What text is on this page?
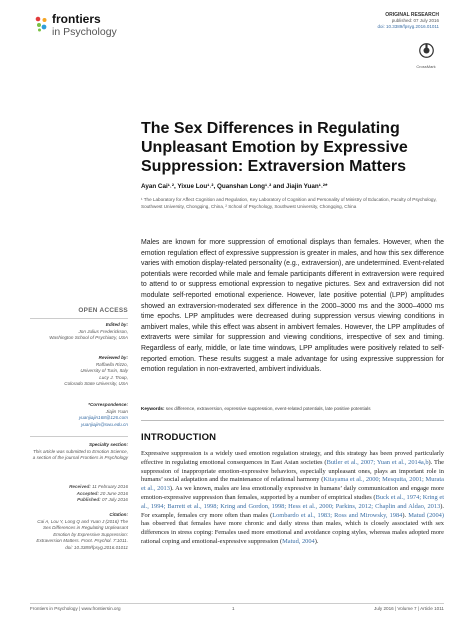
frontiers
in Psychology
ORIGINAL RESEARCH
published: 07 July 2016
doi: 10.3389/fpsyg.2016.01011
CrossMark
The Sex Differences in Regulating
Unpleasant Emotion by Expressive
Suppression: Extraversion Matters
Ayan Cai¹˒², Yixue Lou¹˒², Quanshan Long¹˒² and Jiajin Yuan¹˒²*
¹ The Laboratory for Affect Cognition and Regulation, Key Laboratory of Cognition and Personality of Ministry of Education, Faculty of Psychology, Southwest University, Chongqing, China, ² School of Psychology, Southwest University, Chongqing, China
Males are known for more suppression of emotional displays than females. However, when the emotion regulation effect of expressive suppression is greater in males, and how this sex difference varies with emotion display-related personality (e.g., extraversion), are undetermined. Event-related potentials were recorded while male and female participants different in extraversion were required to attend to or suppress emotional expression to negative pictures. Sex and extraversion did not modulate self-reported emotional experience. However, late positive potential (LPP) amplitudes showed an extraversion-moderated sex difference in the 2000–3000 ms and the 3000–4000 ms time epochs. LPP amplitudes were decreased during suppression versus viewing conditions in ambivert males, while this effect was absent in ambivert females. However, the LPP amplitudes of extraverts were similar for suppression and viewing conditions, irrespective of sex and timing. Regardless of early, middle, or late time windows, LPP amplitudes were positively related to self-reported emotion. These results suggest a male advantage for using expressive suppression for emotion regulation in non-extraverted, ambivert individuals.
Keywords: sex difference, extraversion, expressive suppression, event-related potentials, late positive potentials
INTRODUCTION
Expressive suppression is a widely used emotion regulation strategy, and this strategy has been proved particularly effective in regulating emotional consequences in East Asian societies (Butler et al., 2007; Yuan et al., 2014a,b). The suppression of inappropriate emotion-expressive behaviors, especially unpleasant ones, plays an important role in humans’ social adaptation and the maintenance of relational harmony (Kitayama et al., 2000; Mesquita, 2001; Murata et al., 2013). As we known, males are less emotionally expressive in humans’ daily communication and engage more emotion-expressive suppression than females, supported by a number of empirical studies (Buck et al., 1974; Kring et al., 1994; Barrett et al., 1998; Kring and Gordon, 1998; Hess et al., 2000; Parkins, 2012; Chaplin and Aldao, 2013). For example, females cry more often than males (Lombardo et al., 1983; Ross and Mirowsky, 1984). Matud (2004) has observed that females have more chronic and daily stress than males, which is closely associated with sex differences in stress coping: Females used more emotional and avoidance coping styles, whereas males adopted more rational coping and emotional-expressive suppression (Matud, 2004).
OPEN ACCESS
Edited by:
Jon Julius Frederickson,
Washington School of Psychiatry, USA
Reviewed by:
Raffaella Rizzo,
University of Turin, Italy
Lucy J. Troup,
Colorado State University, USA
*Correspondence:
Jiajin Yuan
yuanjiajin168@126.com
yuanjiajin@swu.edu.cn
Specialty section:
This article was submitted to Emotion Science, a section of the journal Frontiers in Psychology
Received: 11 February 2016
Accepted: 20 June 2016
Published: 07 July 2016
Citation:
Cai A, Lou Y, Long Q and Yuan J (2016) The Sex Differences in Regulating Unpleasant Emotion by Expressive Suppression: Extraversion Matters. Front. Psychol. 7:1011.
doi: 10.3389/fpsyg.2016.01011
Frontiers in Psychology | www.frontiersin.org	1	July 2016 | Volume 7 | Article 1011
